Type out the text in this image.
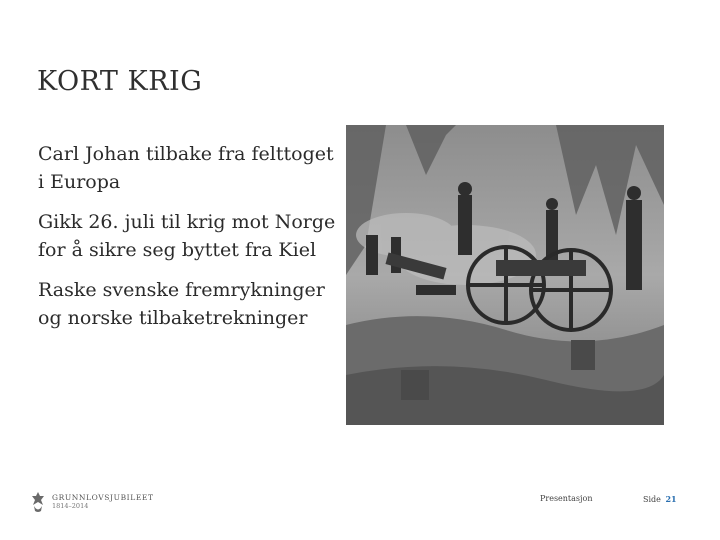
KORT KRIG
Carl Johan tilbake fra felttoget i Europa
Gikk 26. juli til krig mot Norge for å sikre seg byttet fra Kiel
Raske svenske fremrykninger og norske tilbaketrekninger
GRUNNLOVSJUBILEET
1814–2014
Presentasjon	Side 21
